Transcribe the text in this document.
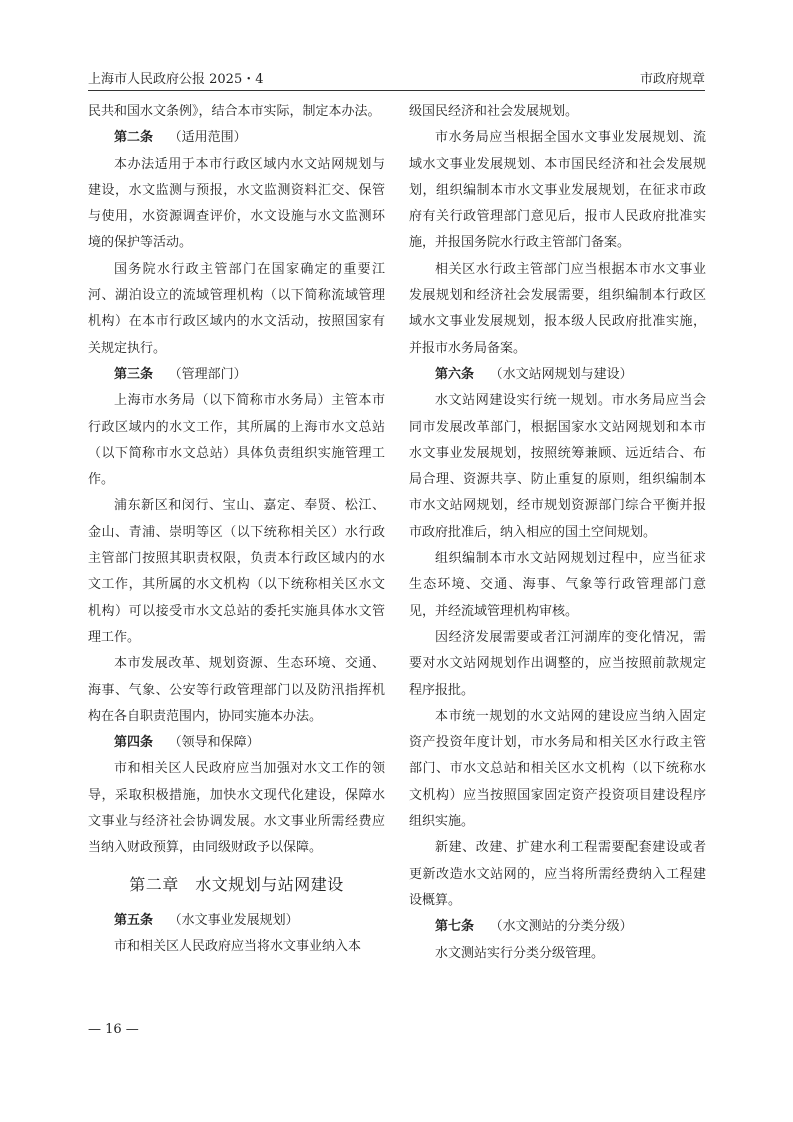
上海市人民政府公报 2025・4	市政府规章

民共和国水文条例》，结合本市实际，制定本办法。

第二条 （适用范围）

本办法适用于本市行政区域内水文站网规划与建设，水文监测与预报，水文监测资料汇交、保管与使用，水资源调查评价，水文设施与水文监测环境的保护等活动。

国务院水行政主管部门在国家确定的重要江河、湖泊设立的流域管理机构（以下简称流域管理机构）在本市行政区域内的水文活动，按照国家有关规定执行。

第三条 （管理部门）

上海市水务局（以下简称市水务局）主管本市行政区域内的水文工作，其所属的上海市水文总站（以下简称市水文总站）具体负责组织实施管理工作。

浦东新区和闵行、宝山、嘉定、奉贤、松江、金山、青浦、崇明等区（以下统称相关区）水行政主管部门按照其职责权限，负责本行政区域内的水文工作，其所属的水文机构（以下统称相关区水文机构）可以接受市水文总站的委托实施具体水文管理工作。

本市发展改革、规划资源、生态环境、交通、海事、气象、公安等行政管理部门以及防汛指挥机构在各自职责范围内，协同实施本办法。

第四条 （领导和保障）

市和相关区人民政府应当加强对水文工作的领导，采取积极措施，加快水文现代化建设，保障水文事业与经济社会协调发展。水文事业所需经费应当纳入财政预算，由同级财政予以保障。

第二章　水文规划与站网建设

第五条 （水文事业发展规划）

市和相关区人民政府应当将水文事业纳入本

级国民经济和社会发展规划。

市水务局应当根据全国水文事业发展规划、流域水文事业发展规划、本市国民经济和社会发展规划，组织编制本市水文事业发展规划，在征求市政府有关行政管理部门意见后，报市人民政府批准实施，并报国务院水行政主管部门备案。

相关区水行政主管部门应当根据本市水文事业发展规划和经济社会发展需要，组织编制本行政区域水文事业发展规划，报本级人民政府批准实施，并报市水务局备案。

第六条 （水文站网规划与建设）

水文站网建设实行统一规划。市水务局应当会同市发展改革部门，根据国家水文站网规划和本市水文事业发展规划，按照统筹兼顾、远近结合、布局合理、资源共享、防止重复的原则，组织编制本市水文站网规划，经市规划资源部门综合平衡并报市政府批准后，纳入相应的国土空间规划。

组织编制本市水文站网规划过程中，应当征求生态环境、交通、海事、气象等行政管理部门意见，并经流域管理机构审核。

因经济发展需要或者江河湖库的变化情况，需要对水文站网规划作出调整的，应当按照前款规定程序报批。

本市统一规划的水文站网的建设应当纳入固定资产投资年度计划，市水务局和相关区水行政主管部门、市水文总站和相关区水文机构（以下统称水文机构）应当按照国家固定资产投资项目建设程序组织实施。

新建、改建、扩建水利工程需要配套建设或者更新改造水文站网的，应当将所需经费纳入工程建设概算。

第七条 （水文测站的分类分级）

水文测站实行分类分级管理。

— 16 —
